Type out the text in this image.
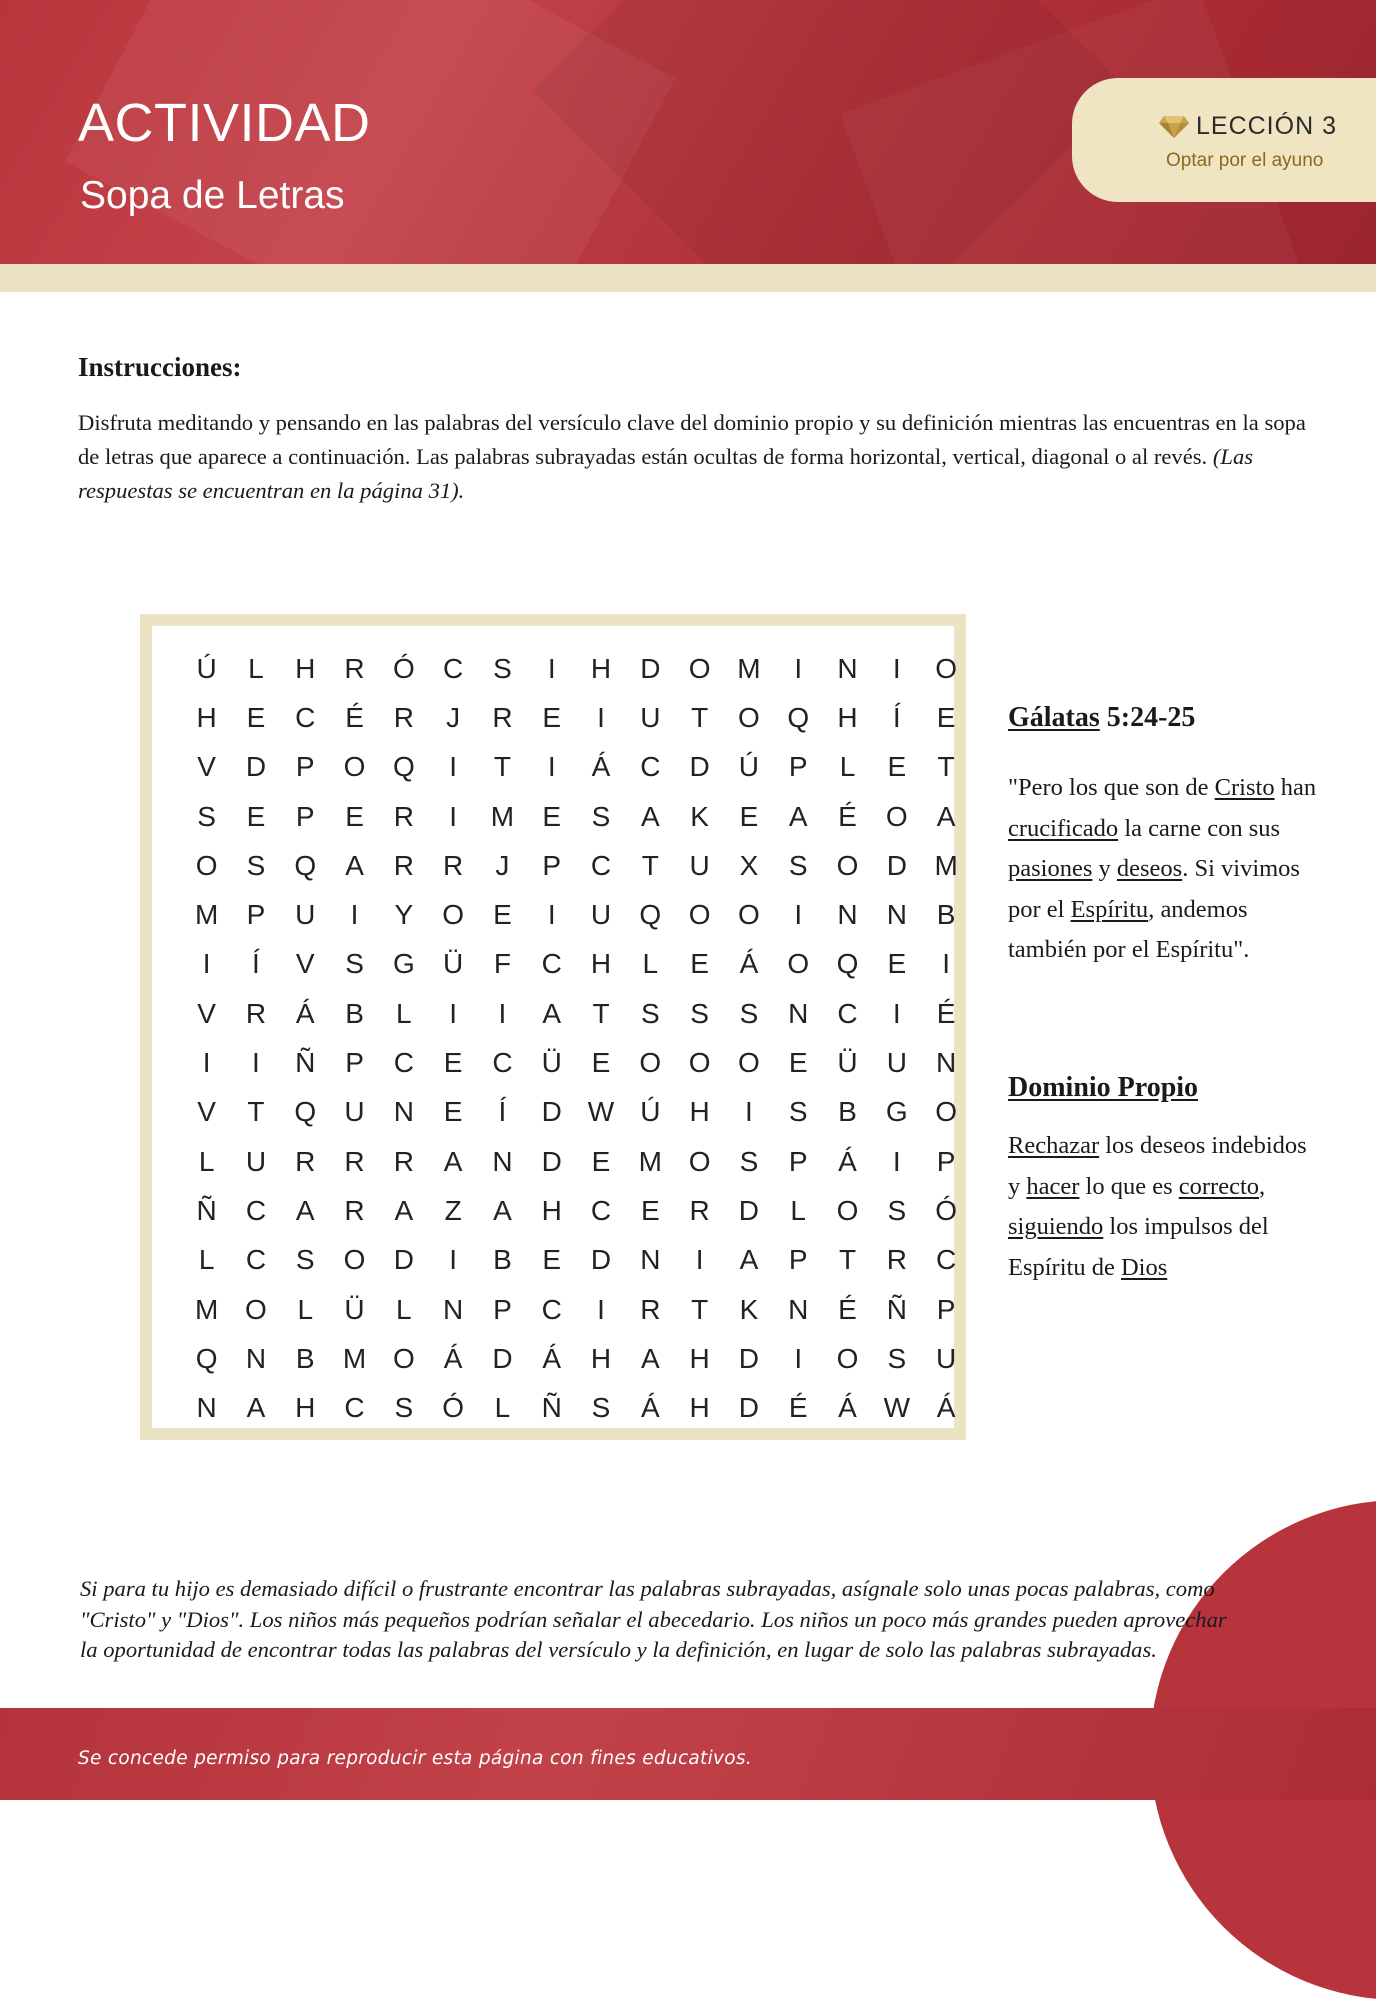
ACTIVIDAD
Sopa de Letras
LECCIÓN 3
Optar por el ayuno
Instrucciones:
Disfruta meditando y pensando en las palabras del versículo clave del dominio propio y su definición mientras las encuentras en la sopa de letras que aparece a continuación. Las palabras subrayadas están ocultas de forma horizontal, vertical, diagonal o al revés. (Las respuestas se encuentran en la página 31).
Ú	L	H	R	Ó	C	S	I	H	D	O M	I	N	I	O
H	E	C	É	R	J	R	E	I	U	T	O Q	H	Í	E
V	D	P	O Q	I	T	I	Á	C	D	Ú	P	L	E	T
S	E	P	E	R	I	M	E	S	A	K	E	A	É	O	A
O	S	Q	A	R	R	J	P	C	T	U	X	S	O	D M
M	P	U	I	Y	O	E	I	U	Q O O	I	N	N	B
I	Í	V	S	G	Ü	F	C	H	L	E	Á	O Q	E	I
V	R	Á	B	L	I	I	A	T	S	S	S	N	C	I	É
I	I	Ñ	P	C	E	C	Ü	E	O O O	E	Ü	U	N
V	T	Q	U	N	E	Í	D W Ú	H	I	S	B	G O
L	U	R	R	R	A	N	D	E	M O	S	P	Á	I	P
Ñ	C	A	R	A	Z	A	H	C	E	R	D	L	O	S	Ó
L	C	S	O	D	I	B	E	D	N	I	A	P	T	R	C
M O	L	Ü	L	N	P	C	I	R	T	K	N	É	Ñ	P
Q	N	B	M O	Á	D	Á	H	A	H	D	I	O	S	U
N	A	H	C	S	Ó	L	Ñ	S	Á	H	D	É	Á W Á
Gálatas 5:24-25
"Pero los que son de Cristo han crucificado la carne con sus pasiones y deseos. Si vivimos por el Espíritu, andemos también por el Espíritu".
Dominio Propio
Rechazar los deseos indebidos y hacer lo que es correcto, siguiendo los impulsos del Espíritu de Dios
Si para tu hijo es demasiado difícil o frustrante encontrar las palabras subrayadas, asígnale solo unas pocas palabras, como "Cristo" y "Dios". Los niños más pequeños podrían señalar el abecedario. Los niños un poco más grandes pueden aprovechar la oportunidad de encontrar todas las palabras del versículo y la definición, en lugar de solo las palabras subrayadas.
Se concede permiso para reproducir esta página con fines educativos.
